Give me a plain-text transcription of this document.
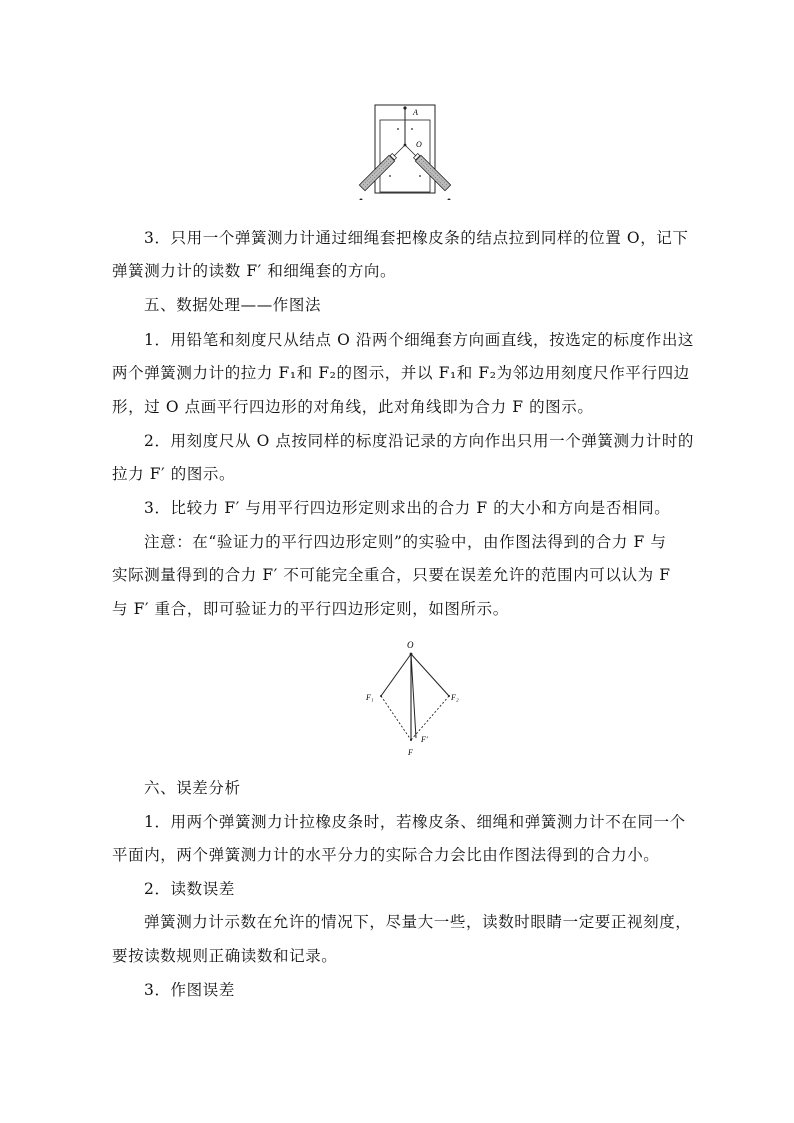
A
O
3．只用一个弹簧测力计通过细绳套把橡皮条的结点拉到同样的位置 O，记下
弹簧测力计的读数 F′ 和细绳套的方向。
五、数据处理——作图法
1．用铅笔和刻度尺从结点 O 沿两个细绳套方向画直线，按选定的标度作出这
两个弹簧测力计的拉力 F₁和 F₂的图示，并以 F₁和 F₂为邻边用刻度尺作平行四边
形，过 O 点画平行四边形的对角线，此对角线即为合力 F 的图示。
2．用刻度尺从 O 点按同样的标度沿记录的方向作出只用一个弹簧测力计时的
拉力 F′ 的图示。
3．比较力 F′ 与用平行四边形定则求出的合力 F 的大小和方向是否相同。
注意：在“验证力的平行四边形定则”的实验中，由作图法得到的合力 F 与
实际测量得到的合力 F′ 不可能完全重合，只要在误差允许的范围内可以认为 F
与 F′ 重合，即可验证力的平行四边形定则，如图所示。
O
F₁	F₂
F
F′
六、误差分析
1．用两个弹簧测力计拉橡皮条时，若橡皮条、细绳和弹簧测力计不在同一个
平面内，两个弹簧测力计的水平分力的实际合力会比由作图法得到的合力小。
2．读数误差
弹簧测力计示数在允许的情况下，尽量大一些，读数时眼睛一定要正视刻度，
要按读数规则正确读数和记录。
3．作图误差
